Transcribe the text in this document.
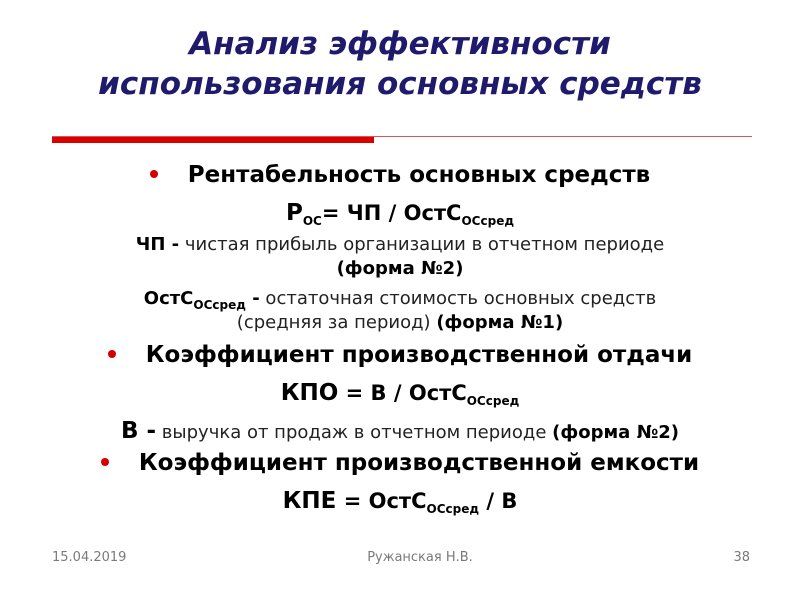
Анализ эффективности
использования основных средств
Рентабельность основных средств
$Р_{ОС}=$ ЧП / ОстС$_{ОСсред}$
ЧП - чистая прибыль организации в отчетном периоде
(форма №2)
ОстС$_{ОСсред}$ - остаточная стоимость основных средств
(средняя за период) (форма №1)
Коэффициент производственной отдачи
КПО = В / ОстС$_{ОСсред}$
В - выручка от продаж в отчетном периоде (форма №2)
Коэффициент производственной емкости
КПЕ = ОстС$_{ОСсред}$ / В
15.04.2019	Ружанская Н.В.	38
